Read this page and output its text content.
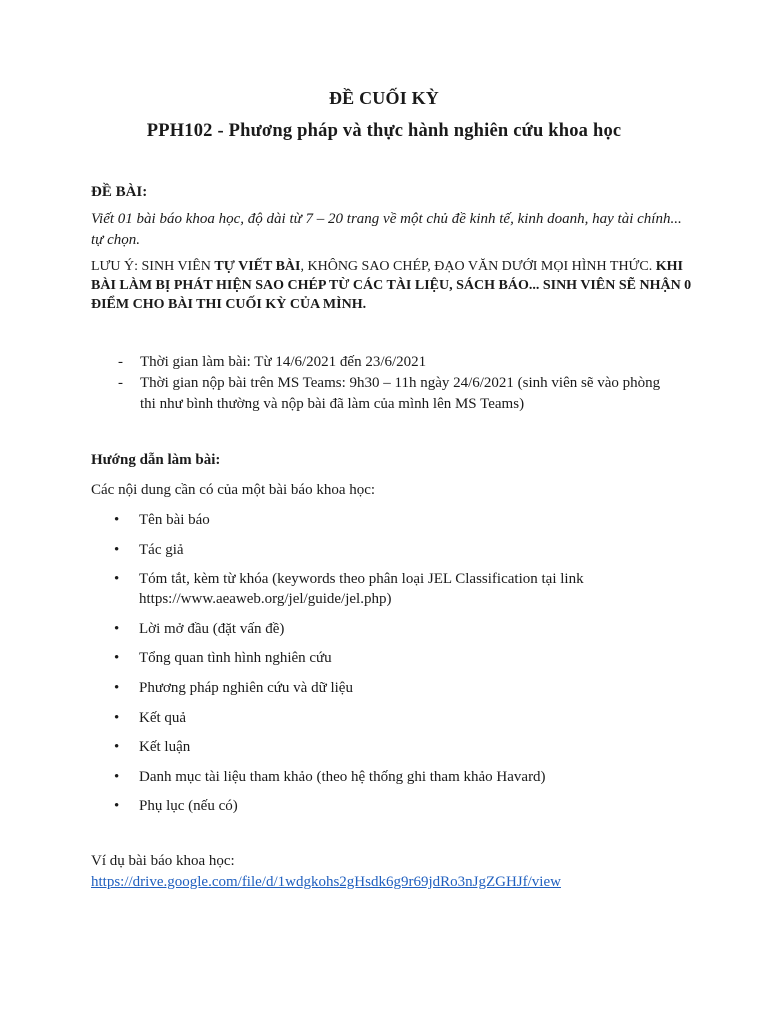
ĐỀ CUỐI KỲ
PPH102 - Phương pháp và thực hành nghiên cứu khoa học
ĐỀ BÀI:
Viết 01 bài báo khoa học, độ dài từ 7 – 20 trang về một chủ đề kinh tế, kinh doanh, hay tài chính... tự chọn.
LƯU Ý: SINH VIÊN TỰ VIẾT BÀI, KHÔNG SAO CHÉP, ĐẠO VĂN DƯỚI MỌI HÌNH THỨC. KHI BÀI LÀM BỊ PHÁT HIỆN SAO CHÉP TỪ CÁC TÀI LIỆU, SÁCH BÁO... SINH VIÊN SẼ NHẬN 0 ĐIỂM CHO BÀI THI CUỐI KỲ CỦA MÌNH.
- Thời gian làm bài: Từ 14/6/2021 đến 23/6/2021
- Thời gian nộp bài trên MS Teams: 9h30 – 11h ngày 24/6/2021 (sinh viên sẽ vào phòng thi như bình thường và nộp bài đã làm của mình lên MS Teams)
Hướng dẫn làm bài:
Các nội dung cần có của một bài báo khoa học:
• Tên bài báo
• Tác giả
• Tóm tắt, kèm từ khóa (keywords theo phân loại JEL Classification tại link https://www.aeaweb.org/jel/guide/jel.php)
• Lời mở đầu (đặt vấn đề)
• Tổng quan tình hình nghiên cứu
• Phương pháp nghiên cứu và dữ liệu
• Kết quả
• Kết luận
• Danh mục tài liệu tham khảo (theo hệ thống ghi tham khảo Havard)
• Phụ lục (nếu có)
Ví dụ bài báo khoa học:
https://drive.google.com/file/d/1wdgkohs2gHsdk6g9r69jdRo3nJgZGHJf/view
